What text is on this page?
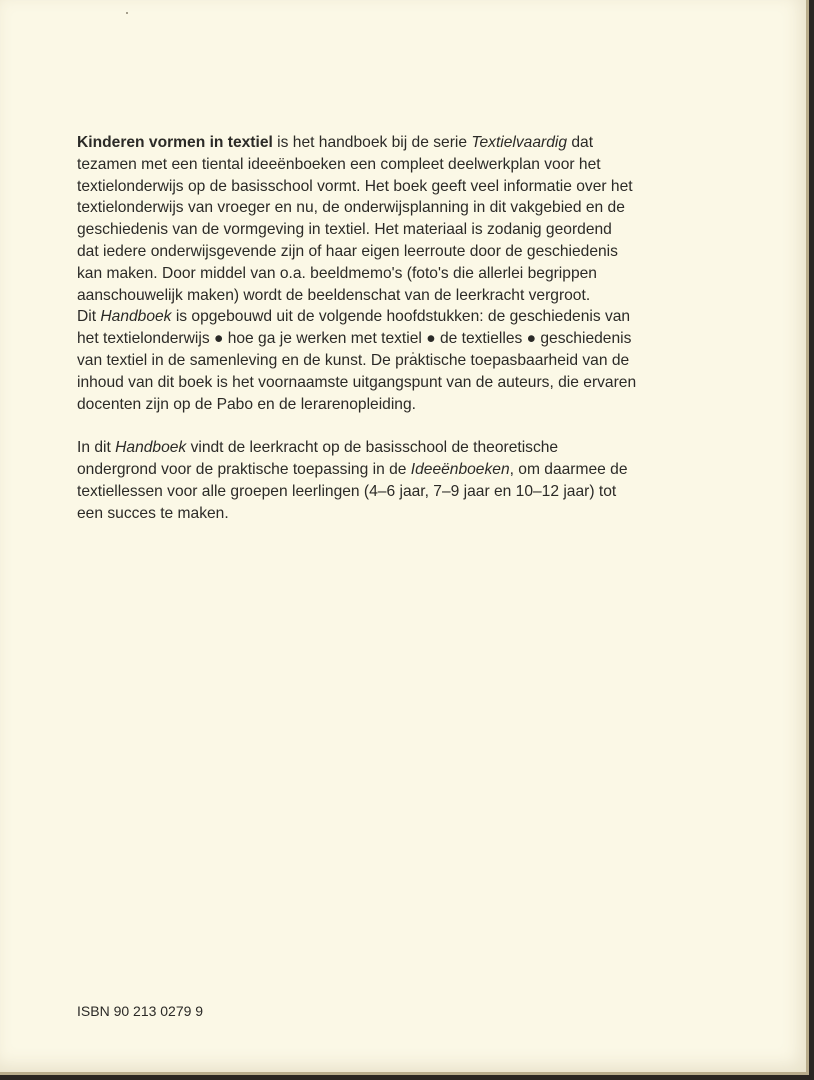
Kinderen vormen in textiel is het handboek bij de serie Textielvaardig dat tezamen met een tiental ideeënboeken een compleet deelwerkplan voor het textielonderwijs op de basisschool vormt. Het boek geeft veel informatie over het textielonderwijs van vroeger en nu, de onderwijsplanning in dit vakgebied en de geschiedenis van de vormgeving in textiel. Het materiaal is zodanig geordend dat iedere onderwijsgevende zijn of haar eigen leerroute door de geschiedenis kan maken. Door middel van o.a. beeldmemo's (foto's die allerlei begrippen aanschouwelijk maken) wordt de beeldenschat van de leerkracht vergroot.

Dit Handboek is opgebouwd uit de volgende hoofdstukken: de geschiedenis van het textielonderwijs ● hoe ga je werken met textiel ● de textielles ● geschiedenis van textiel in de samenleving en de kunst. De praktische toepasbaarheid van de inhoud van dit boek is het voornaamste uitgangspunt van de auteurs, die ervaren docenten zijn op de Pabo en de lerarenopleiding.

In dit Handboek vindt de leerkracht op de basisschool de theoretische ondergrond voor de praktische toepassing in de Ideeënboeken, om daarmee de textiellessen voor alle groepen leerlingen (4–6 jaar, 7–9 jaar en 10–12 jaar) tot een succes te maken.

ISBN 90 213 0279 9
